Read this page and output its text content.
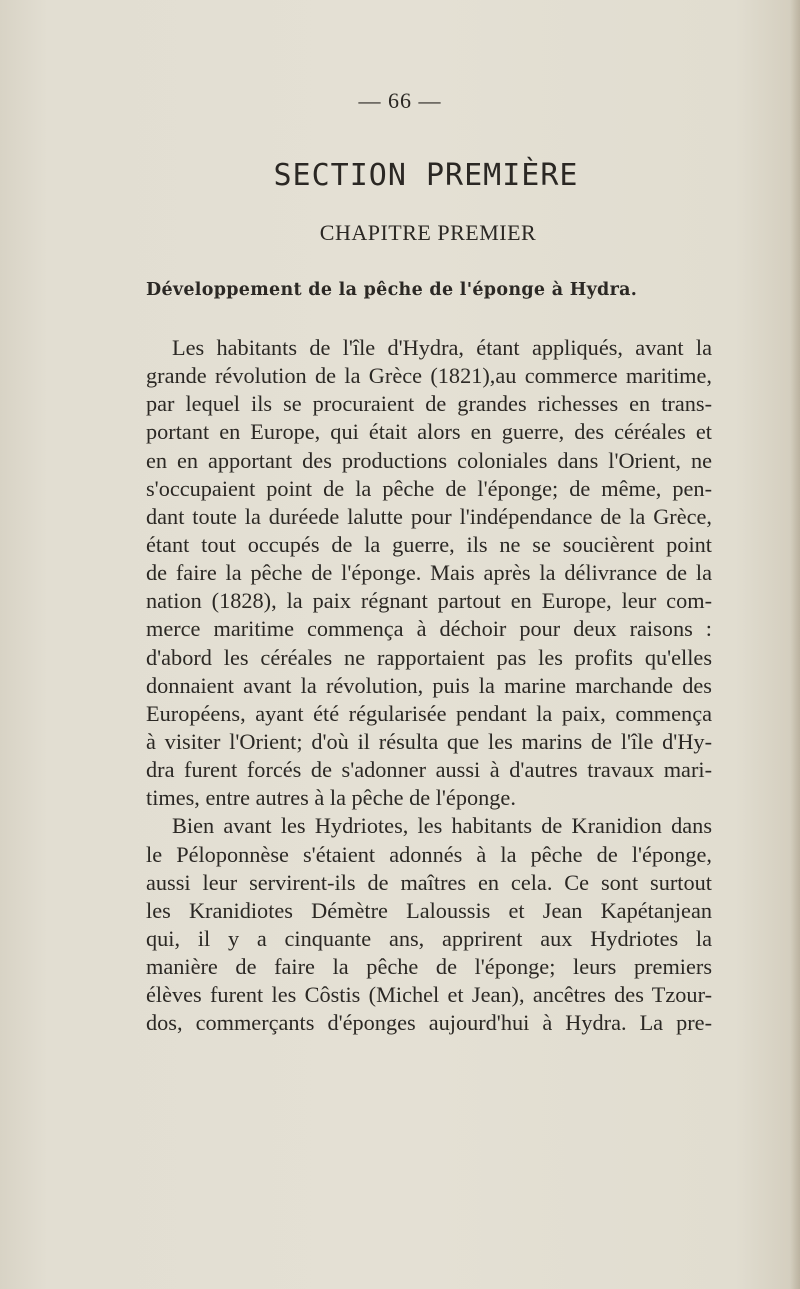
— 66 —
SECTION PREMIÈRE
CHAPITRE PREMIER
Développement de la pêche de l'éponge à Hydra.
Les habitants de l'île d'Hydra, étant appliqués, avant la
grande révolution de la Grèce (1821),au commerce maritime,
par lequel ils se procuraient de grandes richesses en trans-
portant en Europe, qui était alors en guerre, des céréales et
en en apportant des productions coloniales dans l'Orient, ne
s'occupaient point de la pêche de l'éponge; de même, pen-
dant toute la duréede lalutte pour l'indépendance de la Grèce,
étant tout occupés de la guerre, ils ne se soucièrent point
de faire la pêche de l'éponge. Mais après la délivrance de la
nation (1828), la paix régnant partout en Europe, leur com-
merce maritime commença à déchoir pour deux raisons :
d'abord les céréales ne rapportaient pas les profits qu'elles
donnaient avant la révolution, puis la marine marchande des
Européens, ayant été régularisée pendant la paix, commença
à visiter l'Orient; d'où il résulta que les marins de l'île d'Hy-
dra furent forcés de s'adonner aussi à d'autres travaux mari-
times, entre autres à la pêche de l'éponge.
Bien avant les Hydriotes, les habitants de Kranidion dans
le Péloponnèse s'étaient adonnés à la pêche de l'éponge,
aussi leur servirent-ils de maîtres en cela. Ce sont surtout
les Kranidiotes Démètre Laloussis et Jean Kapétanjean
qui, il y a cinquante ans, apprirent aux Hydriotes la
manière de faire la pêche de l'éponge; leurs premiers
élèves furent les Côstis (Michel et Jean), ancêtres des Tzour-
dos, commerçants d'éponges aujourd'hui à Hydra. La pre-
